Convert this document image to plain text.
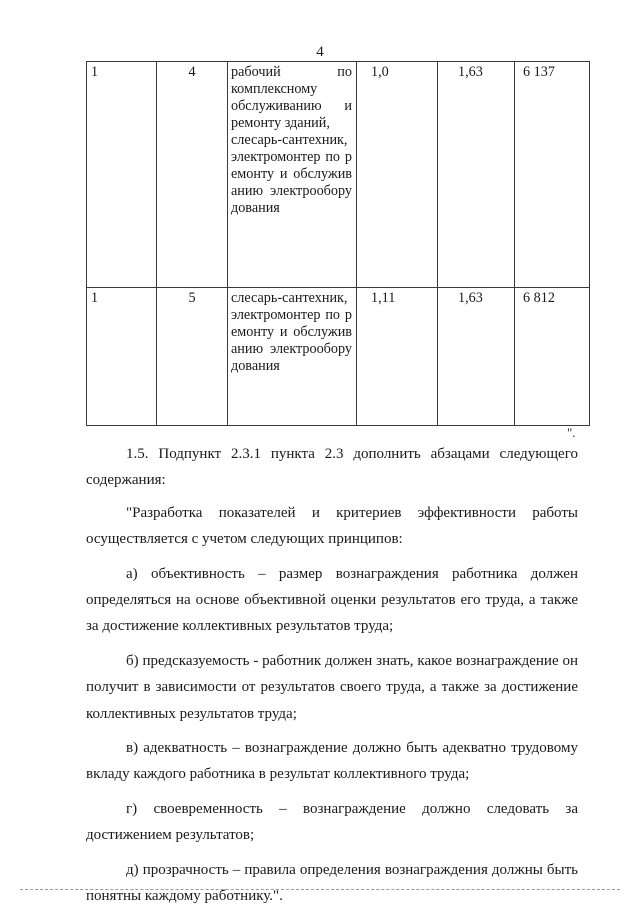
4
1	4	рабочий по комплексному обслуживанию и ремонту зданий,
слесарь-сантехник,
электромонтер по ремонту и обслуживанию электрооборудования	1,0	1,63	6 137
1	5	слесарь-сантехник,
электромонтер по ремонту и обслуживанию электрооборудования	1,11	1,63	6 812
".

1.5. Подпункт 2.3.1 пункта 2.3 дополнить абзацами следующего содержания:

"Разработка показателей и критериев эффективности работы осуществляется с учетом следующих принципов:

а) объективность – размер вознаграждения работника должен определяться на основе объективной оценки результатов его труда, а также за достижение коллективных результатов труда;

б) предсказуемость - работник должен знать, какое вознаграждение он получит в зависимости от результатов своего труда, а также за достижение коллективных результатов труда;

в) адекватность – вознаграждение должно быть адекватно трудовому вкладу каждого работника в результат коллективного труда;

г) своевременность – вознаграждение должно следовать за достижением результатов;

д) прозрачность – правила определения вознаграждения должны быть понятны каждому работнику.".
